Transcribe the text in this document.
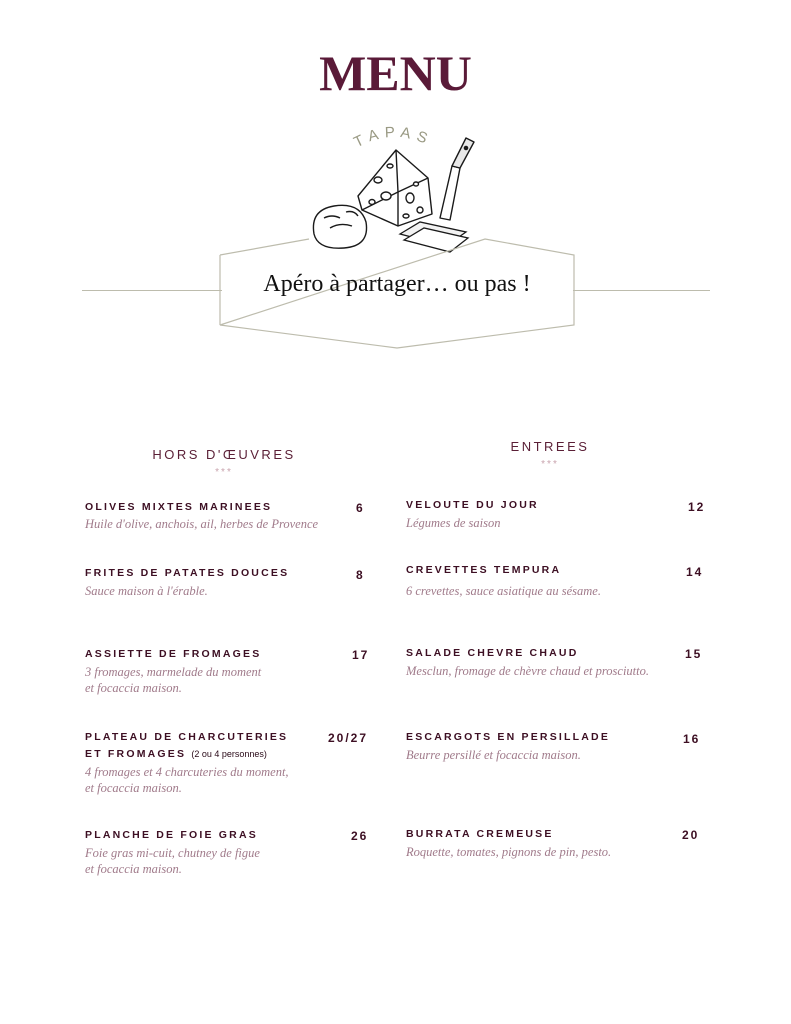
MENU
TAPAS
Apéro à partager… ou pas !
HORS D'ŒUVRES
***
OLIVES MIXTES MARINEES	6
Huile d'olive, anchois, ail, herbes de Provence
FRITES DE PATATES DOUCES	8
Sauce maison à l'érable.
ASSIETTE DE FROMAGES	17
3 fromages, marmelade du moment
et focaccia maison.
PLATEAU DE CHARCUTERIES
ET FROMAGES (2 ou 4 personnes)
20/27
4 fromages et 4 charcuteries du moment,
et focaccia maison.
PLANCHE DE FOIE GRAS	26
Foie gras mi-cuit, chutney de figue
et focaccia maison.
ENTREES
***
VELOUTE DU JOUR	12
Légumes de saison
CREVETTES TEMPURA	14
6 crevettes, sauce asiatique au sésame.
SALADE CHEVRE CHAUD	15
Mesclun, fromage de chèvre chaud et prosciutto.
ESCARGOTS EN PERSILLADE	16
Beurre persillé et focaccia maison.
BURRATA CREMEUSE	20
Roquette, tomates, pignons de pin, pesto.
